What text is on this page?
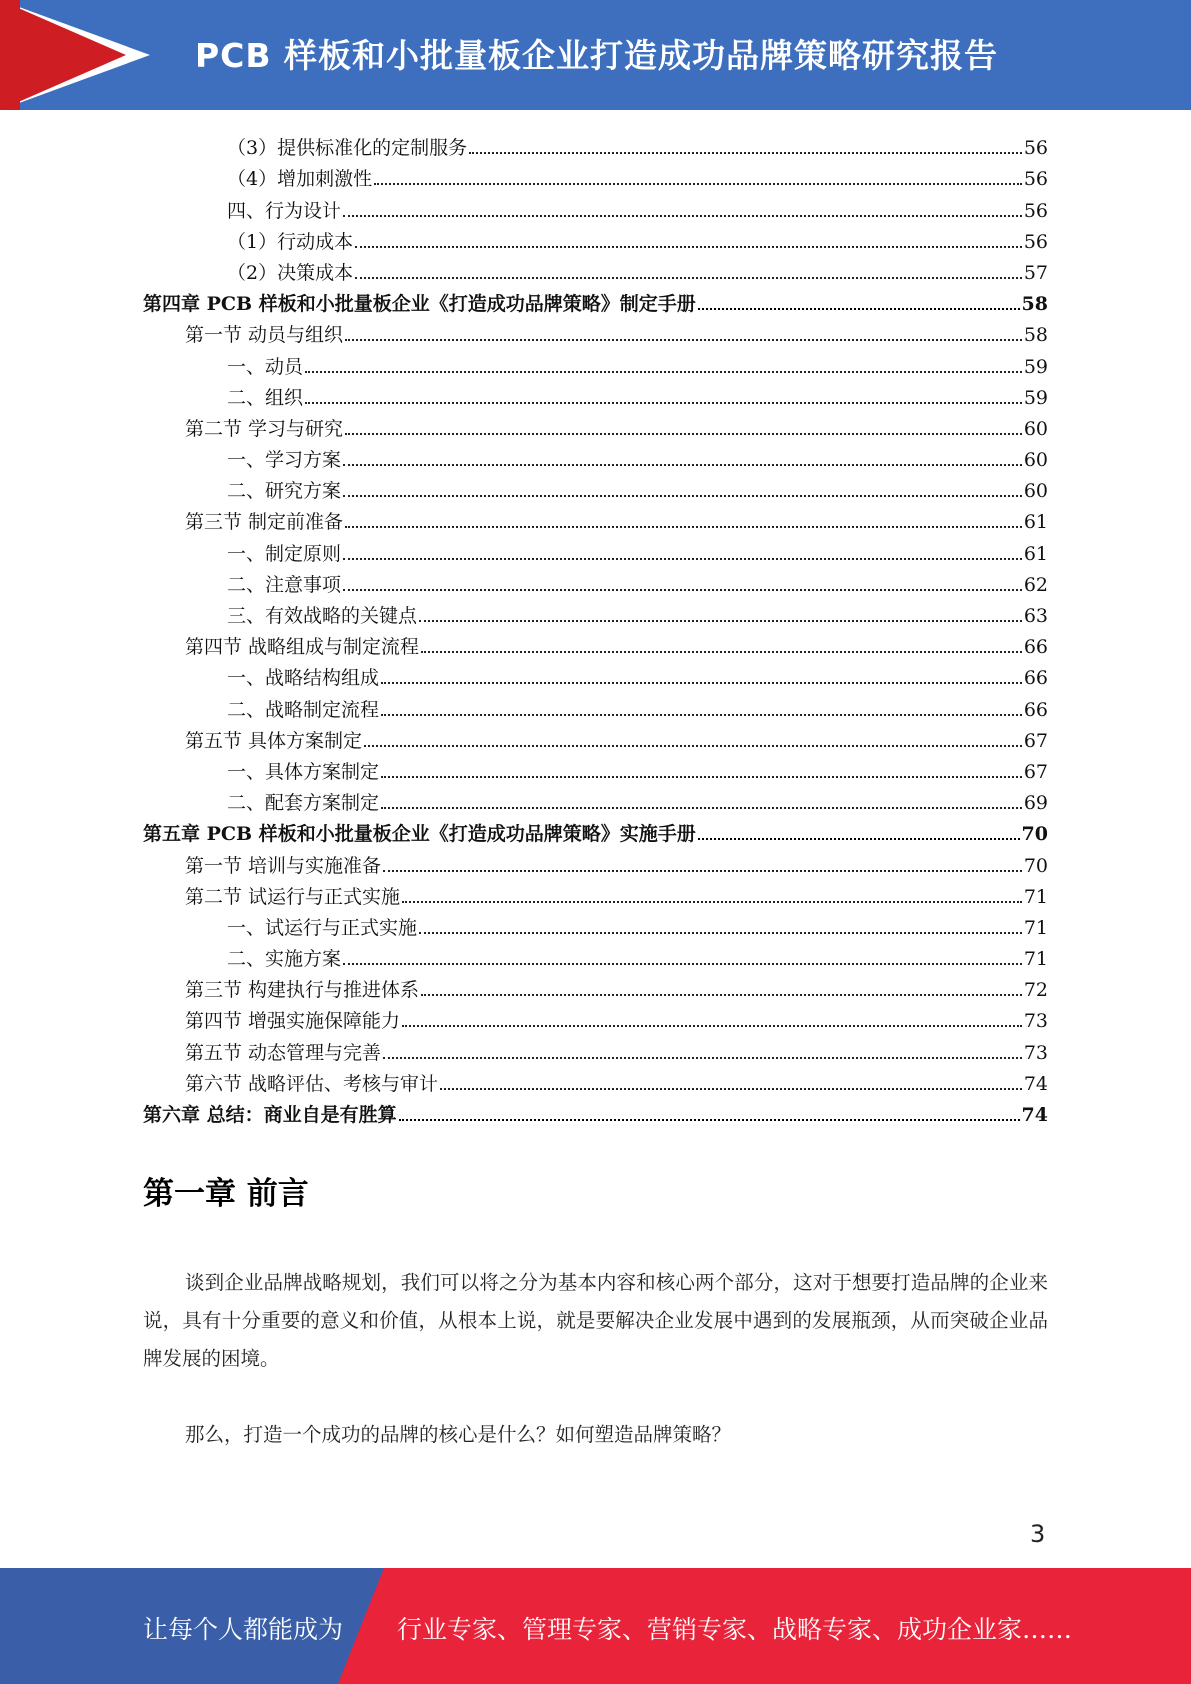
PCB 样板和小批量板企业打造成功品牌策略研究报告
（3）提供标准化的定制服务	56
（4）增加刺激性	56
四、行为设计	56
（1）行动成本	56
（2）决策成本	57
第四章 PCB 样板和小批量板企业《打造成功品牌策略》制定手册	58
第一节 动员与组织	58
一、动员	59
二、组织	59
第二节 学习与研究	60
一、学习方案	60
二、研究方案	60
第三节 制定前准备	61
一、制定原则	61
二、注意事项	62
三、有效战略的关键点	63
第四节 战略组成与制定流程	66
一、战略结构组成	66
二、战略制定流程	66
第五节 具体方案制定	67
一、具体方案制定	67
二、配套方案制定	69
第五章 PCB 样板和小批量板企业《打造成功品牌策略》实施手册	70
第一节 培训与实施准备	70
第二节 试运行与正式实施	71
一、试运行与正式实施	71
二、实施方案	71
第三节 构建执行与推进体系	72
第四节 增强实施保障能力	73
第五节 动态管理与完善	73
第六节 战略评估、考核与审计	74
第六章 总结：商业自是有胜算	74
第一章 前言

谈到企业品牌战略规划，我们可以将之分为基本内容和核心两个部分，这对于想要打造品牌的企业来说，具有十分重要的意义和价值，从根本上说，就是要解决企业发展中遇到的发展瓶颈，从而突破企业品牌发展的困境。

那么，打造一个成功的品牌的核心是什么？如何塑造品牌策略？

3
让每个人都能成为 行业专家、管理专家、营销专家、战略专家、成功企业家……
